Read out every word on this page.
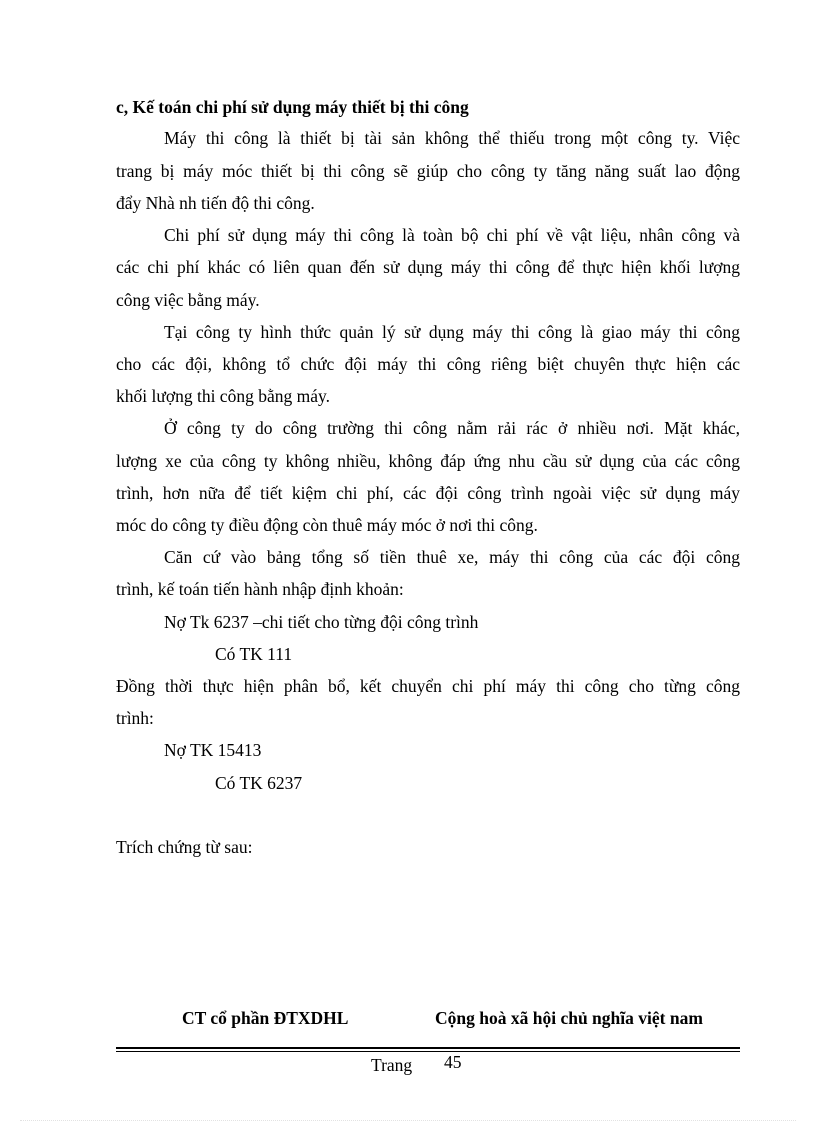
c, Kế toán chi phí sử dụng máy thiết bị thi công
Máy thi công là thiết bị tài sản không thể thiếu trong một công ty. Việc
trang bị máy móc thiết bị thi công sẽ giúp cho công ty tăng năng suất lao động
đẩy Nhà nh tiến độ thi công.
Chi phí sử dụng máy thi công là toàn bộ chi phí về vật liệu, nhân công và
các chi phí khác có liên quan đến sử dụng máy thi công để thực hiện khối lượng
công việc bằng máy.
Tại công ty hình thức quản lý sử dụng máy thi công là giao máy thi công
cho các đội, không tổ chức đội máy thi công riêng biệt chuyên thực hiện các
khối lượng thi công bằng máy.
Ở công ty do công trường thi công nằm rải rác ở nhiều nơi. Mặt khác,
lượng xe của công ty không nhiều, không đáp ứng nhu cầu sử dụng của các công
trình, hơn nữa để tiết kiệm chi phí, các đội công trình ngoài việc sử dụng máy
móc do công ty điều động còn thuê máy móc ở nơi thi công.
Căn cứ vào bảng tổng số tiền thuê xe, máy thi công của các đội công
trình, kế toán tiến hành nhập định khoản:
Nợ Tk 6237 –chi tiết cho từng đội công trình
Có TK 111
Đồng thời thực hiện phân bổ, kết chuyển chi phí máy thi công cho từng công
trình:
Nợ TK 15413
Có TK 6237
Trích chứng từ sau:
CT cổ phần ĐTXDHL	Cộng hoà xã hội chủ nghĩa việt nam
Trang 45
